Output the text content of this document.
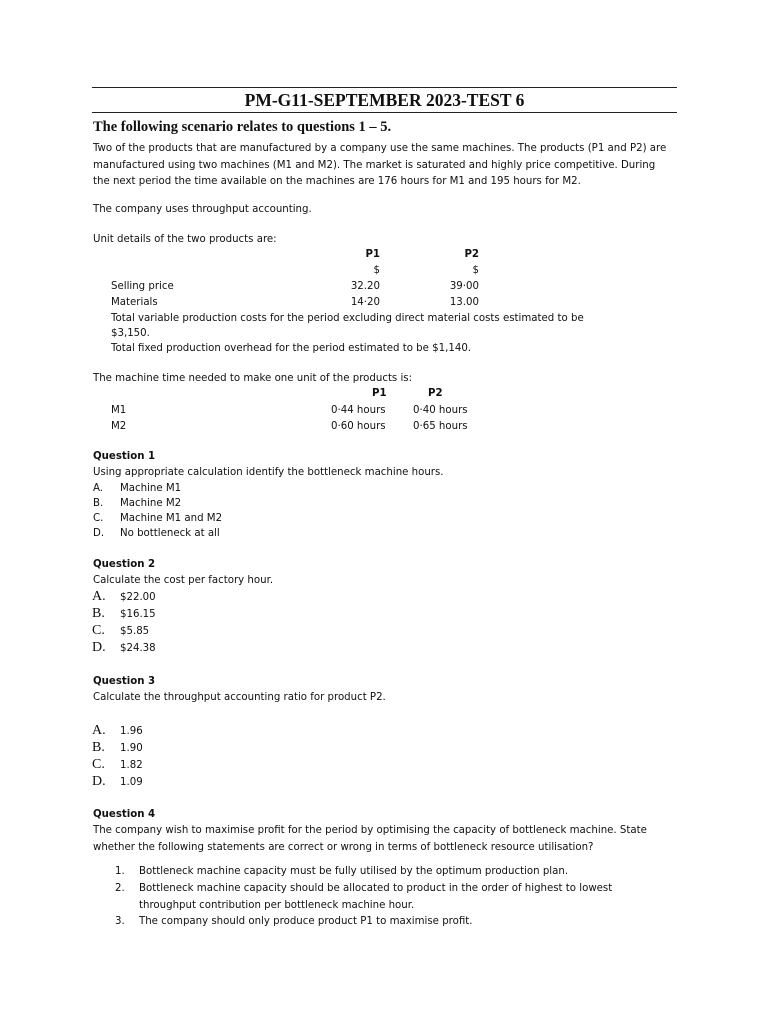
PM-G11-SEPTEMBER 2023-TEST 6
The following scenario relates to questions 1 – 5.
Two of the products that are manufactured by a company use the same machines. The products (P1 and P2) are
manufactured using two machines (M1 and M2). The market is saturated and highly price competitive. During
the next period the time available on the machines are 176 hours for M1 and 195 hours for M2.
The company uses throughput accounting.
Unit details of the two products are:
P1	P2
$	$
Selling price	32.20	39·00
Materials	14·20	13.00
Total variable production costs for the period excluding direct material costs estimated to be
$3,150.
Total fixed production overhead for the period estimated to be $1,140.
The machine time needed to make one unit of the products is:
P1	P2
M1	0·44 hours	0·40 hours
M2	0·60 hours	0·65 hours
Question 1
Using appropriate calculation identify the bottleneck machine hours.
A. Machine M1
B. Machine M2
C. Machine M1 and M2
D. No bottleneck at all
Question 2
Calculate the cost per factory hour.
A. $22.00
B. $16.15
C. $5.85
D. $24.38
Question 3
Calculate the throughput accounting ratio for product P2.
A. 1.96
B. 1.90
C. 1.82
D. 1.09
Question 4
The company wish to maximise profit for the period by optimising the capacity of bottleneck machine. State
whether the following statements are correct or wrong in terms of bottleneck resource utilisation?
1. Bottleneck machine capacity must be fully utilised by the optimum production plan.
2. Bottleneck machine capacity should be allocated to product in the order of highest to lowest
throughput contribution per bottleneck machine hour.
3. The company should only produce product P1 to maximise profit.
